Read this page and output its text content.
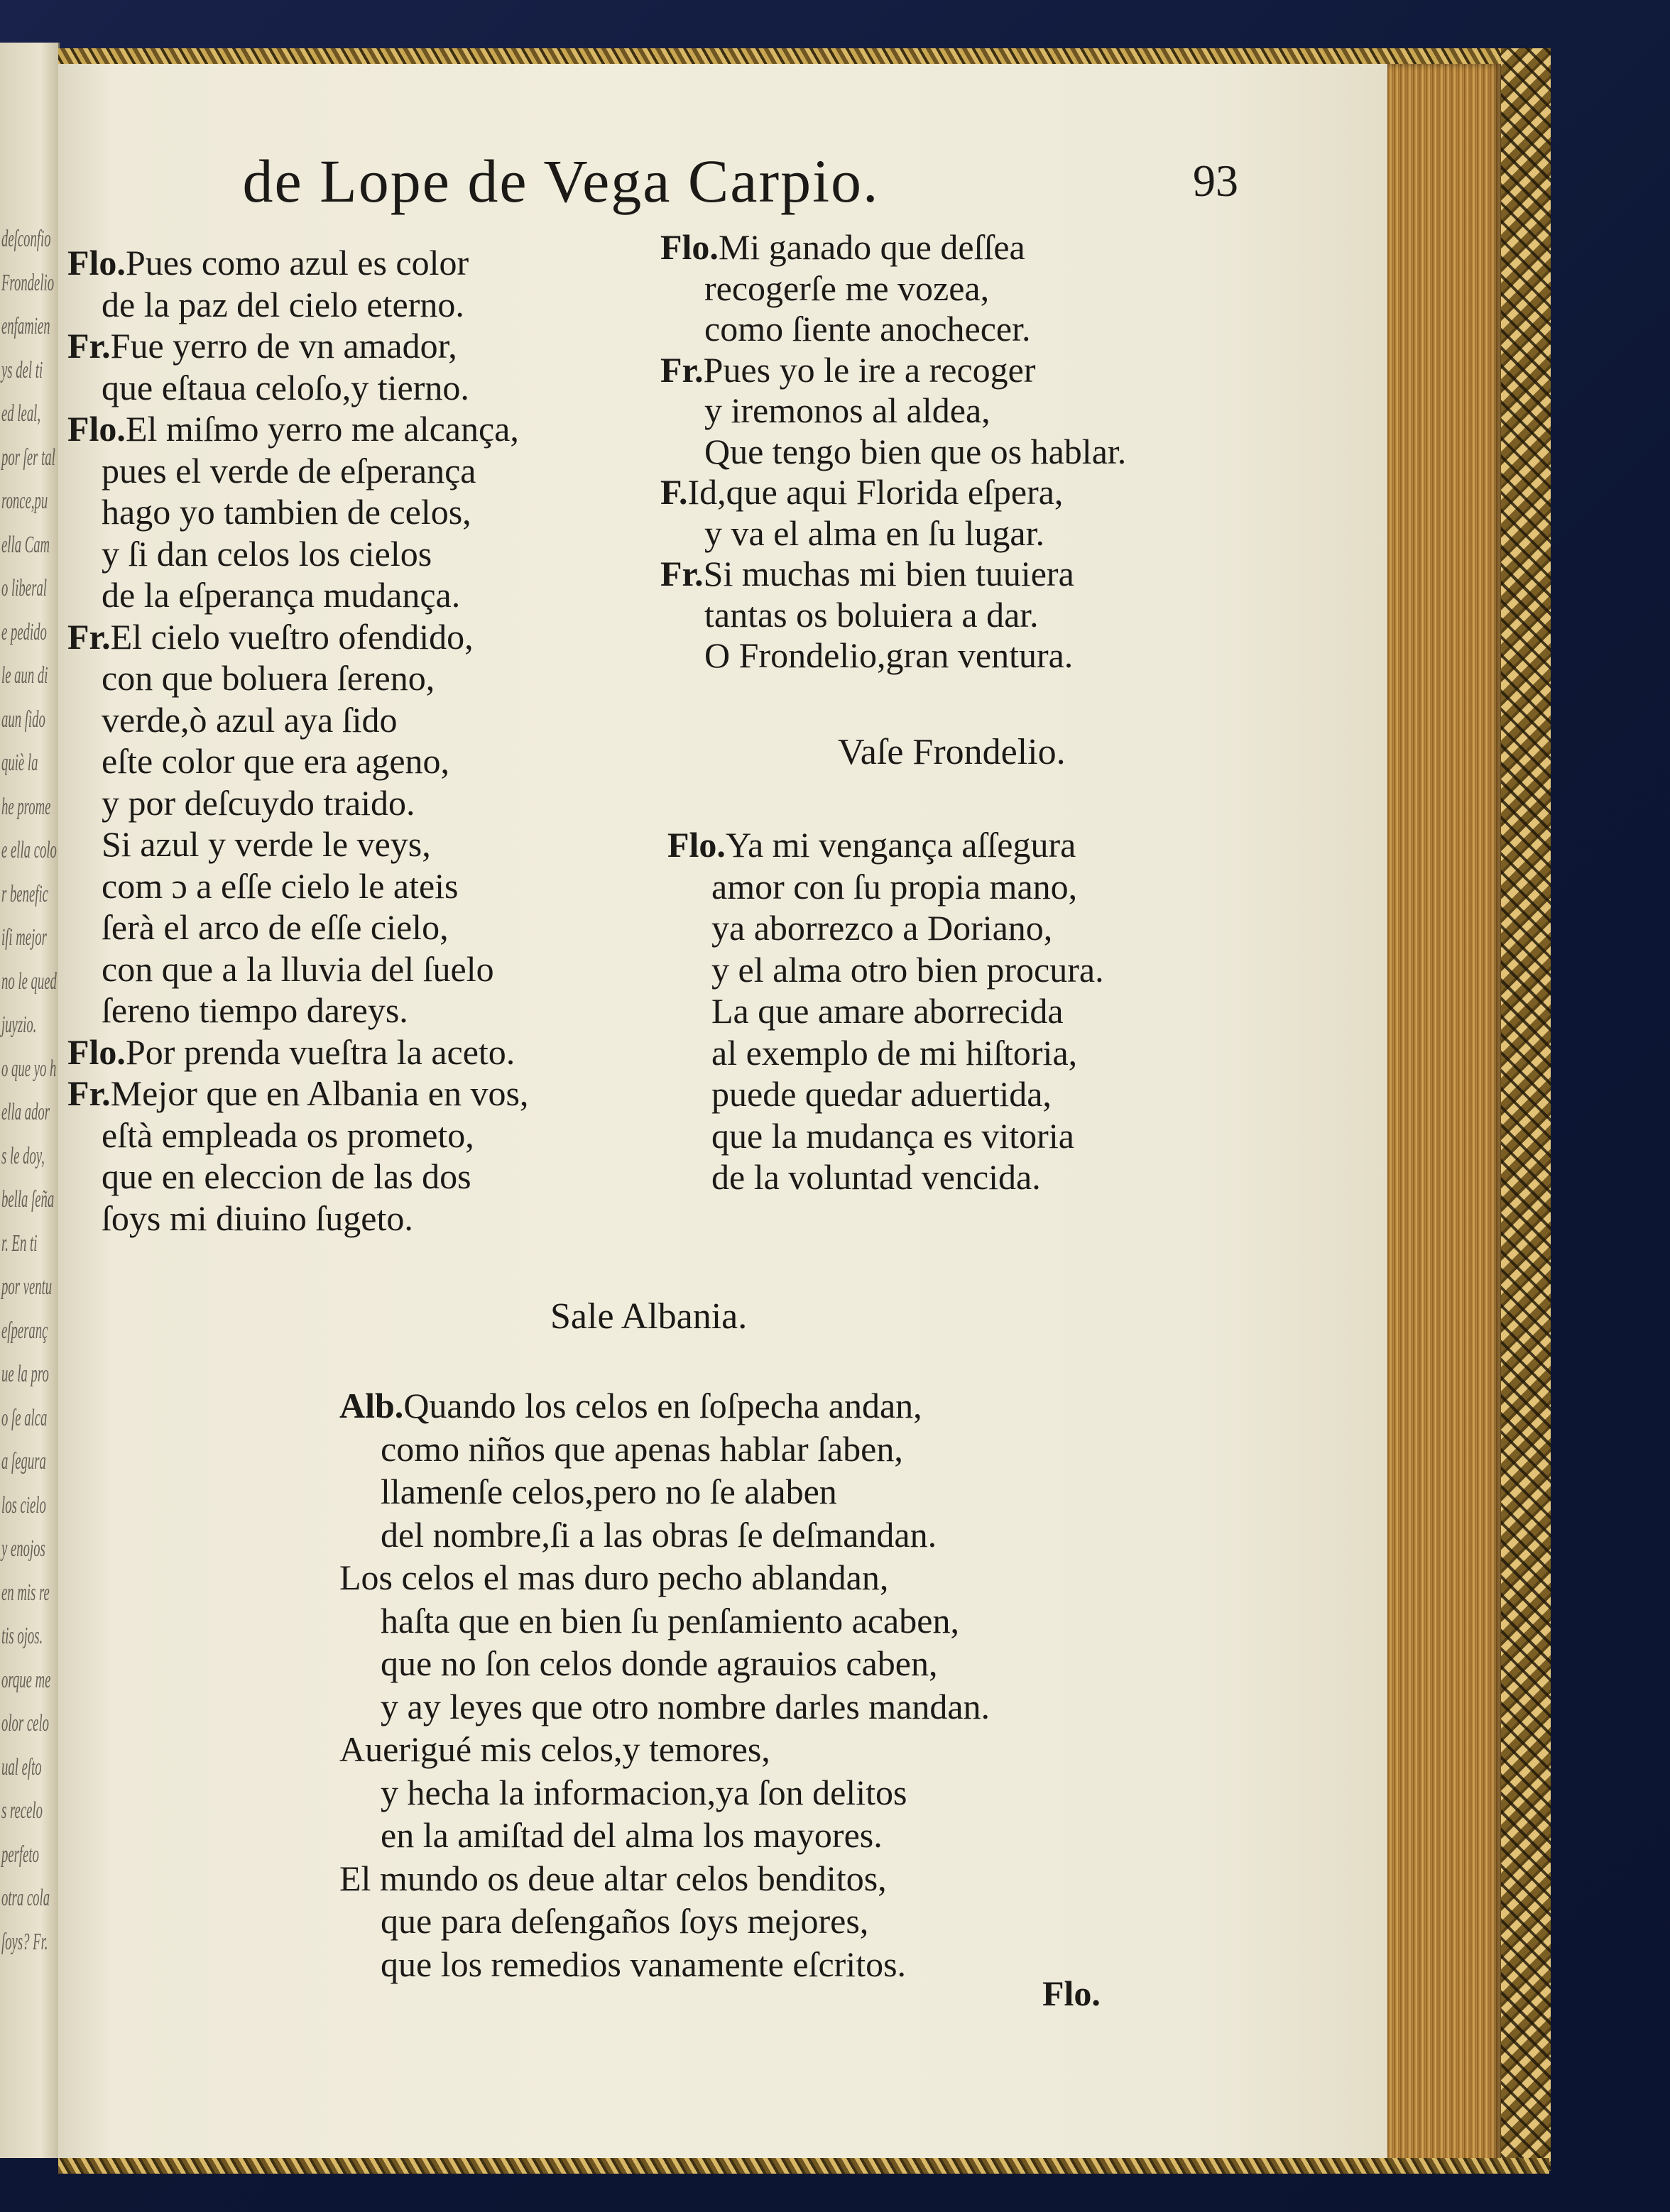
deſconfio
Frondelio
enfamien
ys del ti
ed leal,
por ſer tal
ronce,pu
ella Cam
o liberal
e pedido
le aun di
aun ſido
quiè la
he prome
e ella colo
r benefic
iſi mejor
no le qued
juyzio.
o que yo h
ella ador
s le doy,
bella ſeña
r. En ti
por ventu
eſperanç
ue la pro
o ſe alca
a ſegura
los cielo
y enojos
en mis re
tis ojos.
orque me
olor celo
ual eſto
s recelo
perfeto
otra cola
ſoys? Fr.
de Lope de Vega Carpio.	93
Flo.Pues como azul es color
de la paz del cielo eterno.
Fr.Fue yerro de vn amador,
que eſtaua celoſo,y tierno.
Flo.El miſmo yerro me alcança,
pues el verde de eſperança
hago yo tambien de celos,
y ſi dan celos los cielos
de la eſperança mudança.
Fr.El cielo vueſtro ofendido,
con que boluera ſereno,
verde,ò azul aya ſido
eſte color que era ageno,
y por deſcuydo traido.
Si azul y verde le veys,
com ɔ a eſſe cielo le ateis
ſerà el arco de eſſe cielo,
con que a la lluvia del ſuelo
ſereno tiempo dareys.
Flo.Por prenda vueſtra la aceto.
Fr.Mejor que en Albania en vos,
eſtà empleada os prometo,
que en eleccion de las dos
ſoys mi diuino ſugeto.
Flo.Mi ganado que deſſea
recogerſe me vozea,
como ſiente anochecer.
Fr.Pues yo le ire a recoger
y iremonos al aldea,
Que tengo bien que os hablar.
F.Id,que aqui Florida eſpera,
y va el alma en ſu lugar.
Fr.Si muchas mi bien tuuiera
tantas os boluiera a dar.
O Frondelio,gran ventura.
Vaſe Frondelio.
Flo.Ya mi vengança aſſegura
amor con ſu propia mano,
ya aborrezco a Doriano,
y el alma otro bien procura.
La que amare aborrecida
al exemplo de mi hiſtoria,
puede quedar aduertida,
que la mudança es vitoria
de la voluntad vencida.
Sale Albania.
Alb.Quando los celos en ſoſpecha andan,
como niños que apenas hablar ſaben,
llamenſe celos,pero no ſe alaben
del nombre,ſi a las obras ſe deſmandan.
Los celos el mas duro pecho ablandan,
haſta que en bien ſu penſamiento acaben,
que no ſon celos donde agrauios caben,
y ay leyes que otro nombre darles mandan.
Auerigué mis celos,y temores,
y hecha la informacion,ya ſon delitos
en la amiſtad del alma los mayores.
El mundo os deue altar celos benditos,
que para deſengaños ſoys mejores,
que los remedios vanamente eſcritos.
Flo.
